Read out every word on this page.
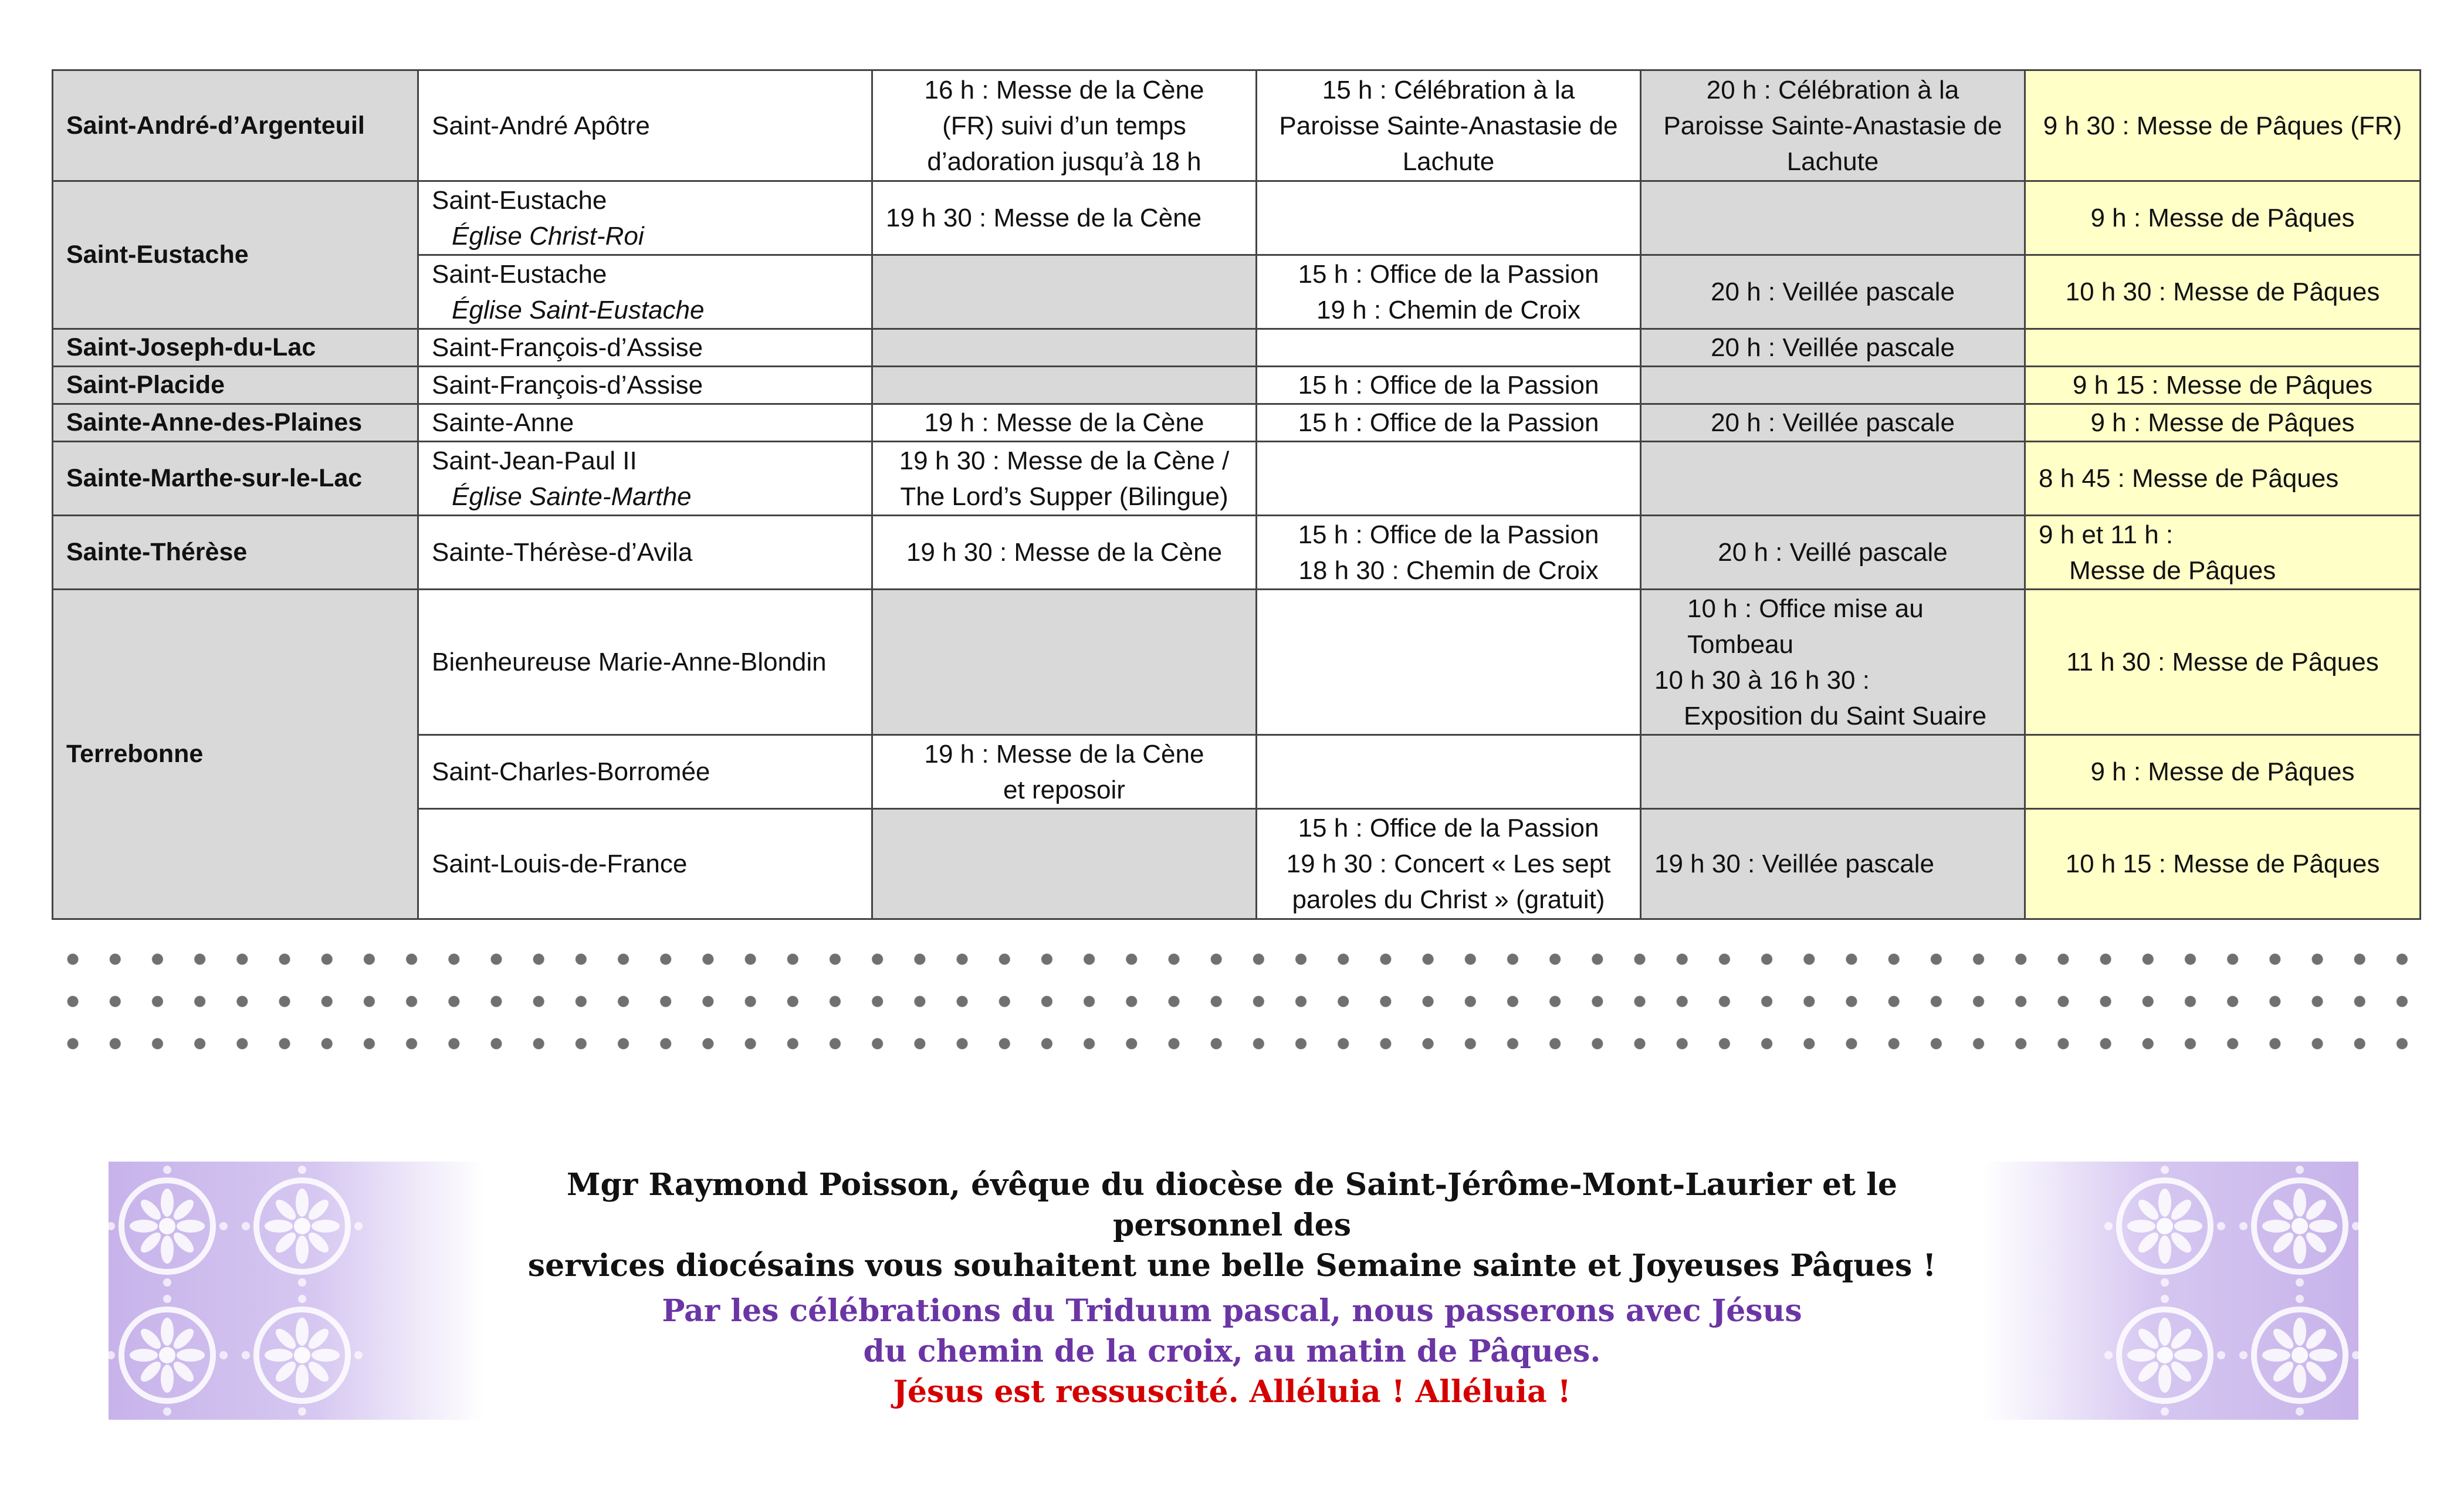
Saint-André-d’Argenteuil	Saint-André Apôtre	16 h : Messe de la Cène
(FR) suivi d’un temps
d’adoration jusqu’à 18 h	15 h : Célébration à la
Paroisse Sainte-Anastasie de
Lachute	20 h : Célébration à la
Paroisse Sainte-Anastasie de
Lachute	9 h 30 : Messe de Pâques (FR)
Saint-Eustache	Saint-Eustache
Église Christ-Roi	19 h 30 : Messe de la Cène			9 h : Messe de Pâques

	Saint-Eustache
Église Saint-Eustache		15 h : Office de la Passion
19 h : Chemin de Croix	20 h : Veillée pascale	10 h 30 : Messe de Pâques
Saint-Joseph-du-Lac	Saint-François-d’Assise			20 h : Veillée pascale	
Saint-Placide	Saint-François-d’Assise		15 h : Office de la Passion		9 h 15 : Messe de Pâques
Sainte-Anne-des-Plaines	Sainte-Anne	19 h : Messe de la Cène	15 h : Office de la Passion	20 h : Veillée pascale	9 h : Messe de Pâques
Sainte-Marthe-sur-le-Lac	Saint-Jean-Paul II
Église Sainte-Marthe	19 h 30 : Messe de la Cène /
The Lord’s Supper (Bilingue)			8 h 45 : Messe de Pâques
Sainte-Thérèse	Sainte-Thérèse-d’Avila	19 h 30 : Messe de la Cène	15 h : Office de la Passion
18 h 30 : Chemin de Croix	20 h : Veillé pascale	9 h et 11 h :
Messe de Pâques

Terrebonne	Bienheureuse Marie-Anne-Blondin			10 h : Office mise au
Tombeau
10 h 30 à 16 h 30 :
Exposition du Saint Suaire	11 h 30 : Messe de Pâques
	Saint-Charles-Borromée	19 h : Messe de la Cène
et reposoir			9 h : Messe de Pâques
	Saint-Louis-de-France		15 h : Office de la Passion
19 h 30 : Concert « Les sept
paroles du Christ » (gratuit)	19 h 30 : Veillée pascale	10 h 15 : Messe de Pâques
Mgr Raymond Poisson, évêque du diocèse de Saint-Jérôme-Mont-Laurier et le personnel des
services diocésains vous souhaitent une belle Semaine sainte et Joyeuses Pâques !
Par les célébrations du Triduum pascal, nous passerons avec Jésus
du chemin de la croix, au matin de Pâques.
Jésus est ressuscité. Alléluia ! Alléluia !
